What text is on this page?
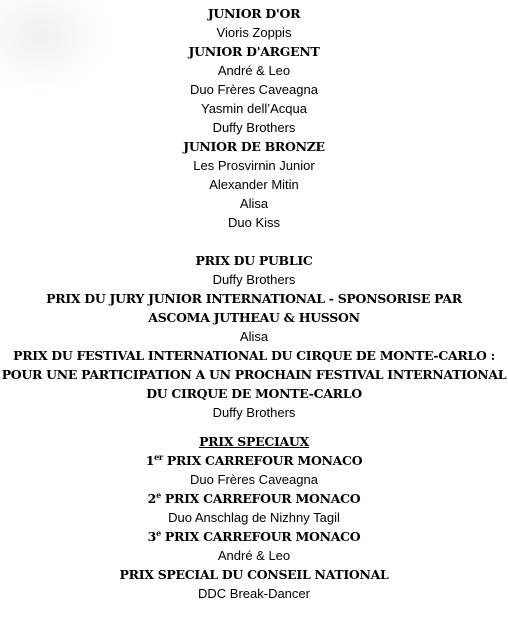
JUNIOR D'OR
Vioris Zoppis
JUNIOR D'ARGENT
André & Leo
Duo Frères Caveagna
Yasmin dell’Acqua
Duffy Brothers
JUNIOR DE BRONZE
Les Prosvirnin Junior
Alexander Mitin
Alisa
Duo Kiss
PRIX DU PUBLIC
Duffy Brothers
PRIX DU JURY JUNIOR INTERNATIONAL - SPONSORISE PAR
ASCOMA JUTHEAU & HUSSON
Alisa
PRIX DU FESTIVAL INTERNATIONAL DU CIRQUE DE MONTE-CARLO :
POUR UNE PARTICIPATION A UN PROCHAIN FESTIVAL INTERNATIONAL
DU CIRQUE DE MONTE-CARLO
Duffy Brothers
PRIX SPECIAUX
1er PRIX CARREFOUR MONACO
Duo Frères Caveagna
2e PRIX CARREFOUR MONACO
Duo Anschlag de Nizhny Tagil
3e PRIX CARREFOUR MONACO
André & Leo
PRIX SPECIAL DU CONSEIL NATIONAL
DDC Break-Dancer
